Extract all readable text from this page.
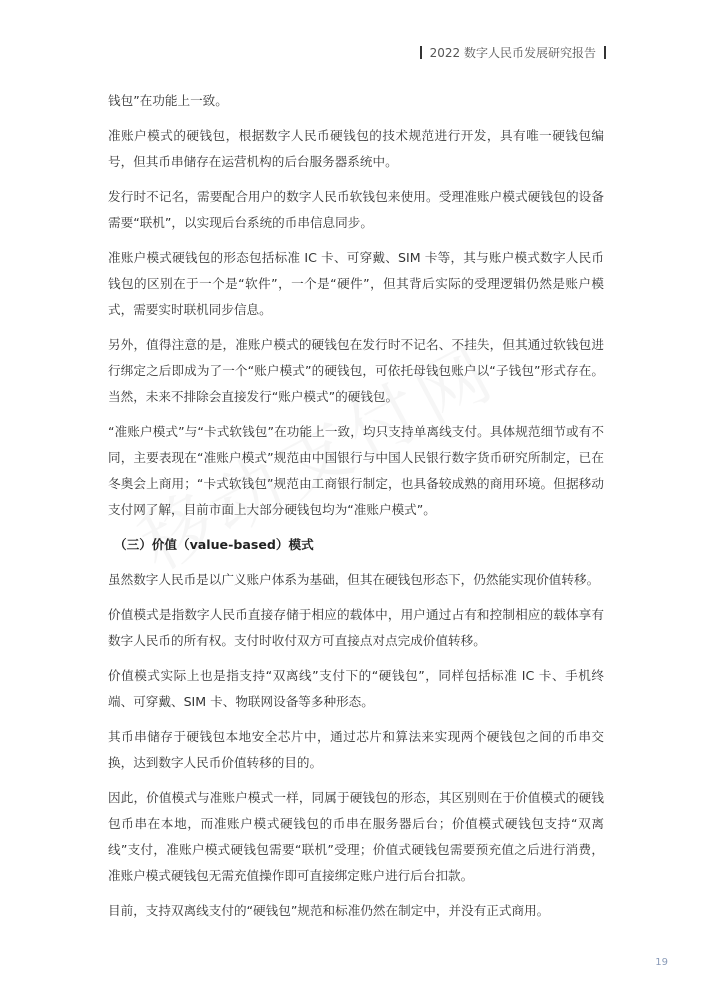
2022 数字人民币发展研究报告

钱包”在功能上一致。

准账户模式的硬钱包，根据数字人民币硬钱包的技术规范进行开发，具有唯一硬钱包编号，但其币串储存在运营机构的后台服务器系统中。

发行时不记名，需要配合用户的数字人民币软钱包来使用。受理准账户模式硬钱包的设备需要“联机”，以实现后台系统的币串信息同步。

准账户模式硬钱包的形态包括标准 IC 卡、可穿戴、SIM 卡等，其与账户模式数字人民币钱包的区别在于一个是“软件”，一个是“硬件”，但其背后实际的受理逻辑仍然是账户模式，需要实时联机同步信息。

另外，值得注意的是，准账户模式的硬钱包在发行时不记名、不挂失，但其通过软钱包进行绑定之后即成为了一个“账户模式”的硬钱包，可依托母钱包账户以“子钱包”形式存在。当然，未来不排除会直接发行“账户模式”的硬钱包。

“准账户模式”与“卡式软钱包”在功能上一致，均只支持单离线支付。具体规范细节或有不同，主要表现在“准账户模式”规范由中国银行与中国人民银行数字货币研究所制定，已在冬奥会上商用；“卡式软钱包”规范由工商银行制定，也具备较成熟的商用环境。但据移动支付网了解，目前市面上大部分硬钱包均为“准账户模式”。

（三）价值（value-based）模式

虽然数字人民币是以广义账户体系为基础，但其在硬钱包形态下，仍然能实现价值转移。

价值模式是指数字人民币直接存储于相应的载体中，用户通过占有和控制相应的载体享有数字人民币的所有权。支付时收付双方可直接点对点完成价值转移。

价值模式实际上也是指支持“双离线”支付下的“硬钱包”，同样包括标准 IC 卡、手机终端、可穿戴、SIM 卡、物联网设备等多种形态。

其币串储存于硬钱包本地安全芯片中，通过芯片和算法来实现两个硬钱包之间的币串交换，达到数字人民币价值转移的目的。

因此，价值模式与准账户模式一样，同属于硬钱包的形态，其区别则在于价值模式的硬钱包币串在本地，而准账户模式硬钱包的币串在服务器后台；价值模式硬钱包支持“双离线”支付，准账户模式硬钱包需要“联机”受理；价值式硬钱包需要预充值之后进行消费，准账户模式硬钱包无需充值操作即可直接绑定账户进行后台扣款。

目前，支持双离线支付的“硬钱包”规范和标准仍然在制定中，并没有正式商用。

19
